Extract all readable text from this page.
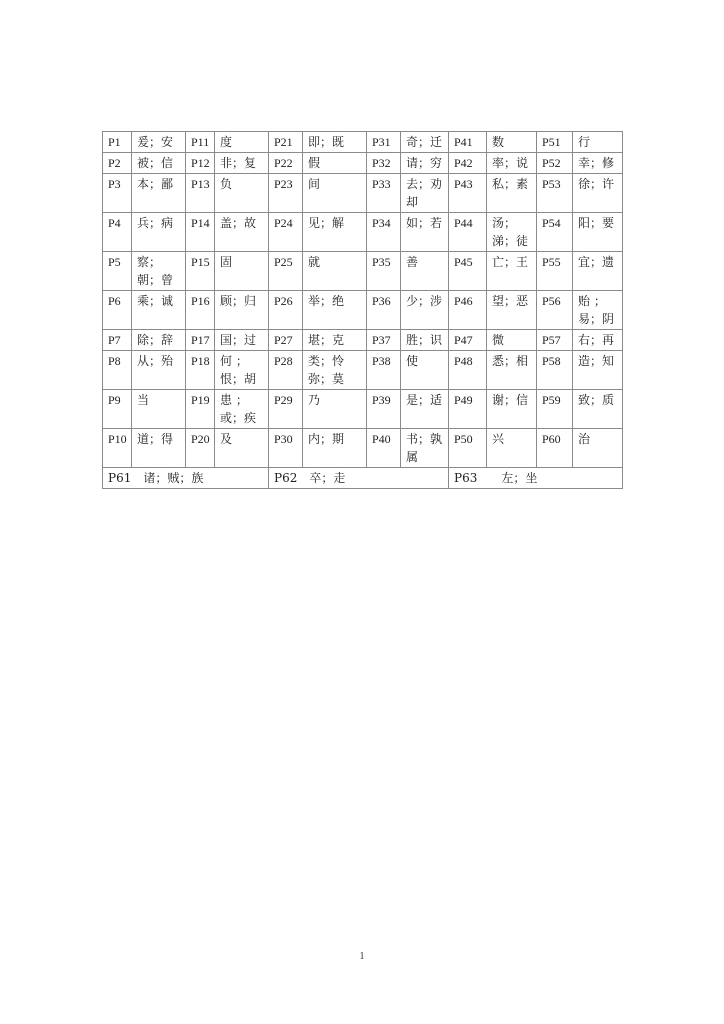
P1	爰；安	P11	度	P21	即；既	P31	奇；迁	P41	数	P51	行
P2	被；信	P12	非；复	P22	假	P32	请；穷	P42	率；说	P52	幸；修
P3	本；鄙	P13	负	P23	间	P33	去；劝却	P43	私；素	P53	徐；许
P4	兵；病	P14	盖；故	P24	见；解	P34	如；若	P44	汤；涕；徒	P54	阳；要
P5	察；朝；曾	P15	固	P25	就	P35	善	P45	亡；王	P55	宜；遗
P6	乘；诚	P16	顾；归	P26	举；绝	P36	少；涉	P46	望；恶	P56	贻 ；易；阴
P7	除；辞	P17	国；过	P27	堪；克	P37	胜；识	P47	微	P57	右；再
P8	从；殆	P18	何 ；恨；胡	P28	类；怜弥；莫	P38	使	P48	悉；相	P58	造；知
P9	当	P19	患 ；或；疾	P29	乃	P39	是；适	P49	谢；信	P59	致；质
P10	道；得	P20	及	P30	内；期	P40	书；孰属	P50	兴	P60	治
P61　诸；贼；族				P62　卒；走				P63　　左；坐			
1
